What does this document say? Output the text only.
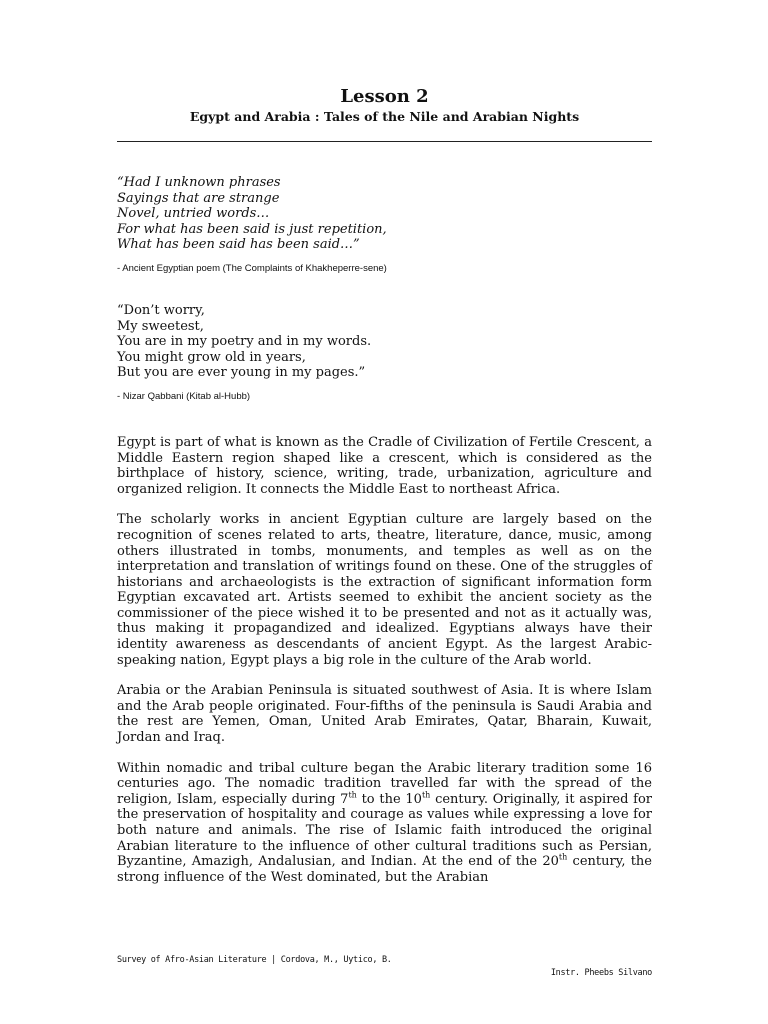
Lesson 2
Egypt and Arabia : Tales of the Nile and Arabian Nights
“Had I unknown phrases
Sayings that are strange
Novel, untried words…
For what has been said is just repetition,
What has been said has been said…”

- Ancient Egyptian poem (The Complaints of Khakheperre-sene)

“Don’t worry,
My sweetest,
You are in my poetry and in my words.
You might grow old in years,
But you are ever young in my pages.”

- Nizar Qabbani (Kitab al-Hubb)

Egypt is part of what is known as the Cradle of Civilization of Fertile Crescent, a Middle Eastern region shaped like a crescent, which is considered as the birthplace of history, science, writing, trade, urbanization, agriculture and organized religion. It connects the Middle East to northeast Africa.

The scholarly works in ancient Egyptian culture are largely based on the recognition of scenes related to arts, theatre, literature, dance, music, among others illustrated in tombs, monuments, and temples as well as on the interpretation and translation of writings found on these. One of the struggles of historians and archaeologists is the extraction of significant information form Egyptian excavated art. Artists seemed to exhibit the ancient society as the commissioner of the piece wished it to be presented and not as it actually was, thus making it propagandized and idealized. Egyptians always have their identity awareness as descendants of ancient Egypt. As the largest Arabic-speaking nation, Egypt plays a big role in the culture of the Arab world.

Arabia or the Arabian Peninsula is situated southwest of Asia. It is where Islam and the Arab people originated. Four-fifths of the peninsula is Saudi Arabia and the rest are Yemen, Oman, United Arab Emirates, Qatar, Bharain, Kuwait, Jordan and Iraq.

Within nomadic and tribal culture began the Arabic literary tradition some 16 centuries ago. The nomadic tradition travelled far with the spread of the religion, Islam, especially during 7th to the 10th century. Originally, it aspired for the preservation of hospitality and courage as values while expressing a love for both nature and animals. The rise of Islamic faith introduced the original Arabian literature to the influence of other cultural traditions such as Persian, Byzantine, Amazigh, Andalusian, and Indian. At the end of the 20th century, the strong influence of the West dominated, but the Arabian

Survey of Afro-Asian Literature | Cordova, M., Uytico, B.
Instr. Pheebs Silvano
